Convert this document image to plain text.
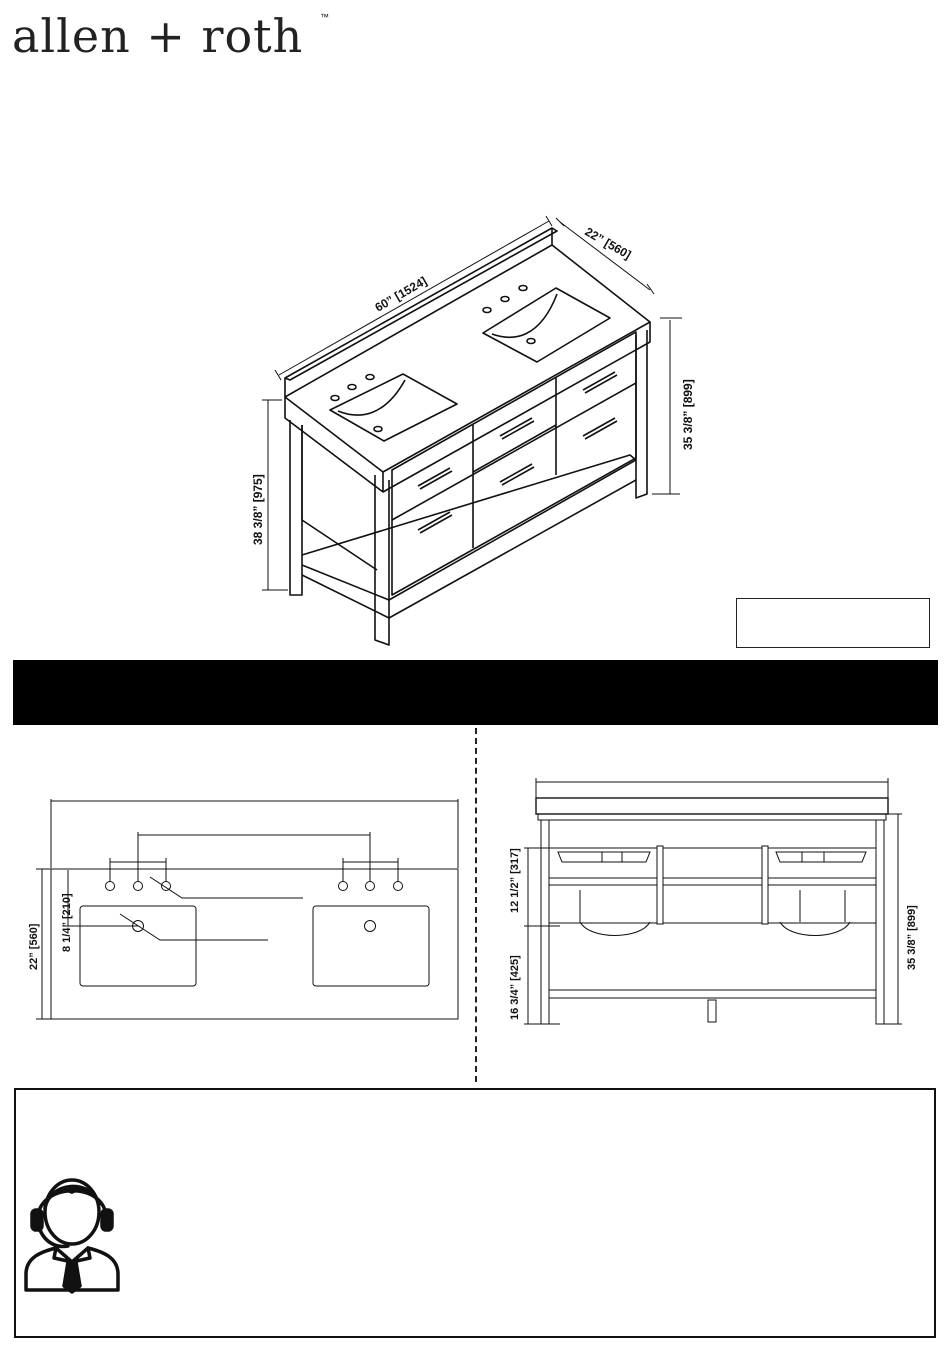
allen + roth ™
60” [1524]
22” [560]
38 3/8” [975]
35 3/8” [899]
22” [560] 8 1/4” [210]
12 1/2” [317]
16 3/4” [425]
35 3/8” [899]
